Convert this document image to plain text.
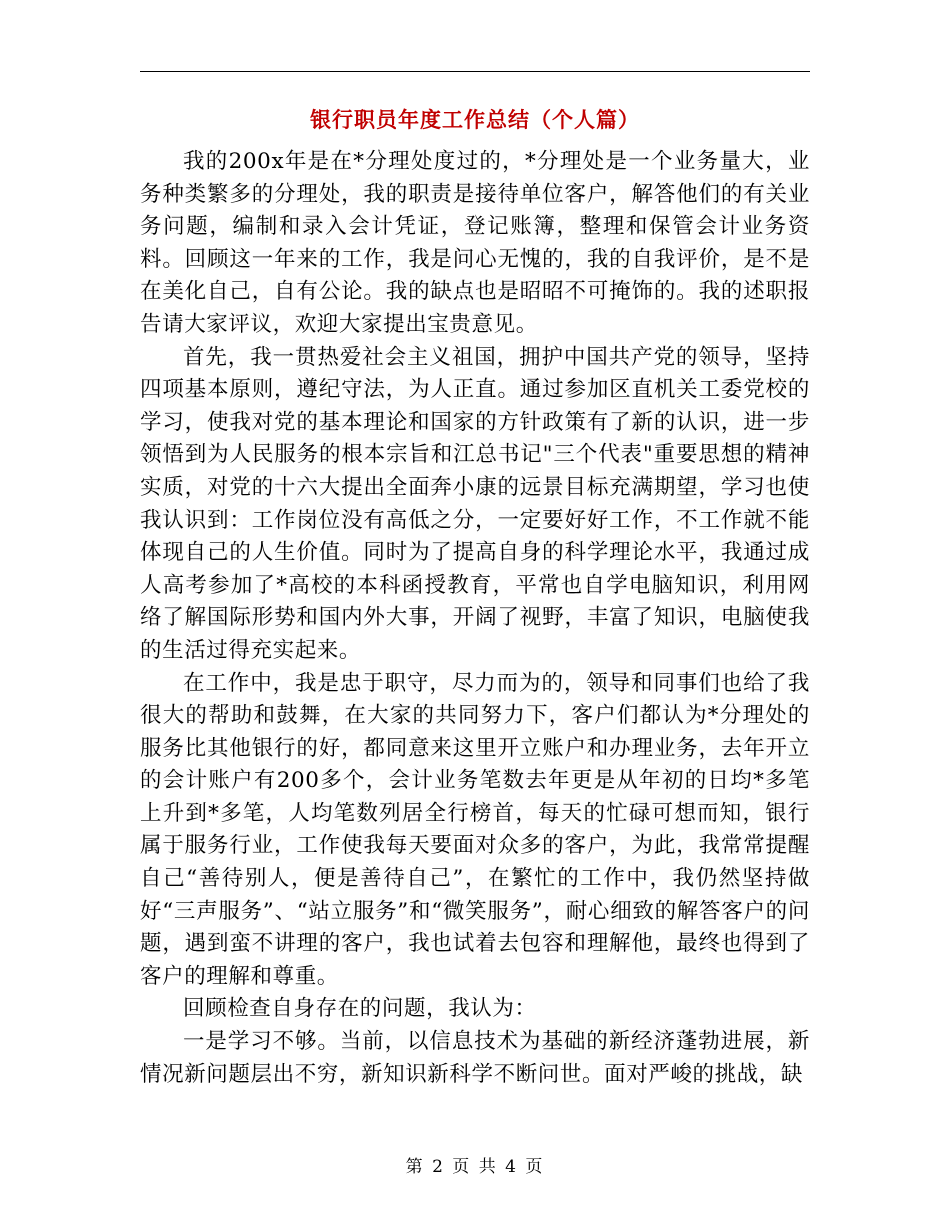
银行职员年度工作总结（个人篇）

我的200x年是在*分理处度过的，*分理处是一个业务量大，业务种类繁多的分理处，我的职责是接待单位客户，解答他们的有关业务问题，编制和录入会计凭证，登记账簿，整理和保管会计业务资料。回顾这一年来的工作，我是问心无愧的，我的自我评价，是不是在美化自己，自有公论。我的缺点也是昭昭不可掩饰的。我的述职报告请大家评议，欢迎大家提出宝贵意见。

首先，我一贯热爱社会主义祖国，拥护中国共产党的领导，坚持四项基本原则，遵纪守法，为人正直。通过参加区直机关工委党校的学习，使我对党的基本理论和国家的方针政策有了新的认识，进一步领悟到为人民服务的根本宗旨和江总书记"三个代表"重要思想的精神实质，对党的十六大提出全面奔小康的远景目标充满期望，学习也使我认识到：工作岗位没有高低之分，一定要好好工作，不工作就不能体现自己的人生价值。同时为了提高自身的科学理论水平，我通过成人高考参加了*高校的本科函授教育，平常也自学电脑知识，利用网络了解国际形势和国内外大事，开阔了视野，丰富了知识，电脑使我的生活过得充实起来。

在工作中，我是忠于职守，尽力而为的，领导和同事们也给了我很大的帮助和鼓舞，在大家的共同努力下，客户们都认为*分理处的服务比其他银行的好，都同意来这里开立账户和办理业务，去年开立的会计账户有200多个，会计业务笔数去年更是从年初的日均*多笔上升到*多笔，人均笔数列居全行榜首，每天的忙碌可想而知，银行属于服务行业，工作使我每天要面对众多的客户，为此，我常常提醒自己“善待别人，便是善待自己”，在繁忙的工作中，我仍然坚持做好“三声服务”、“站立服务”和“微笑服务”，耐心细致的解答客户的问题，遇到蛮不讲理的客户，我也试着去包容和理解他，最终也得到了客户的理解和尊重。

回顾检查自身存在的问题，我认为：

一是学习不够。当前，以信息技术为基础的新经济蓬勃进展，新情况新问题层出不穷，新知识新科学不断问世。面对严峻的挑战，缺

第 2 页 共 4 页
